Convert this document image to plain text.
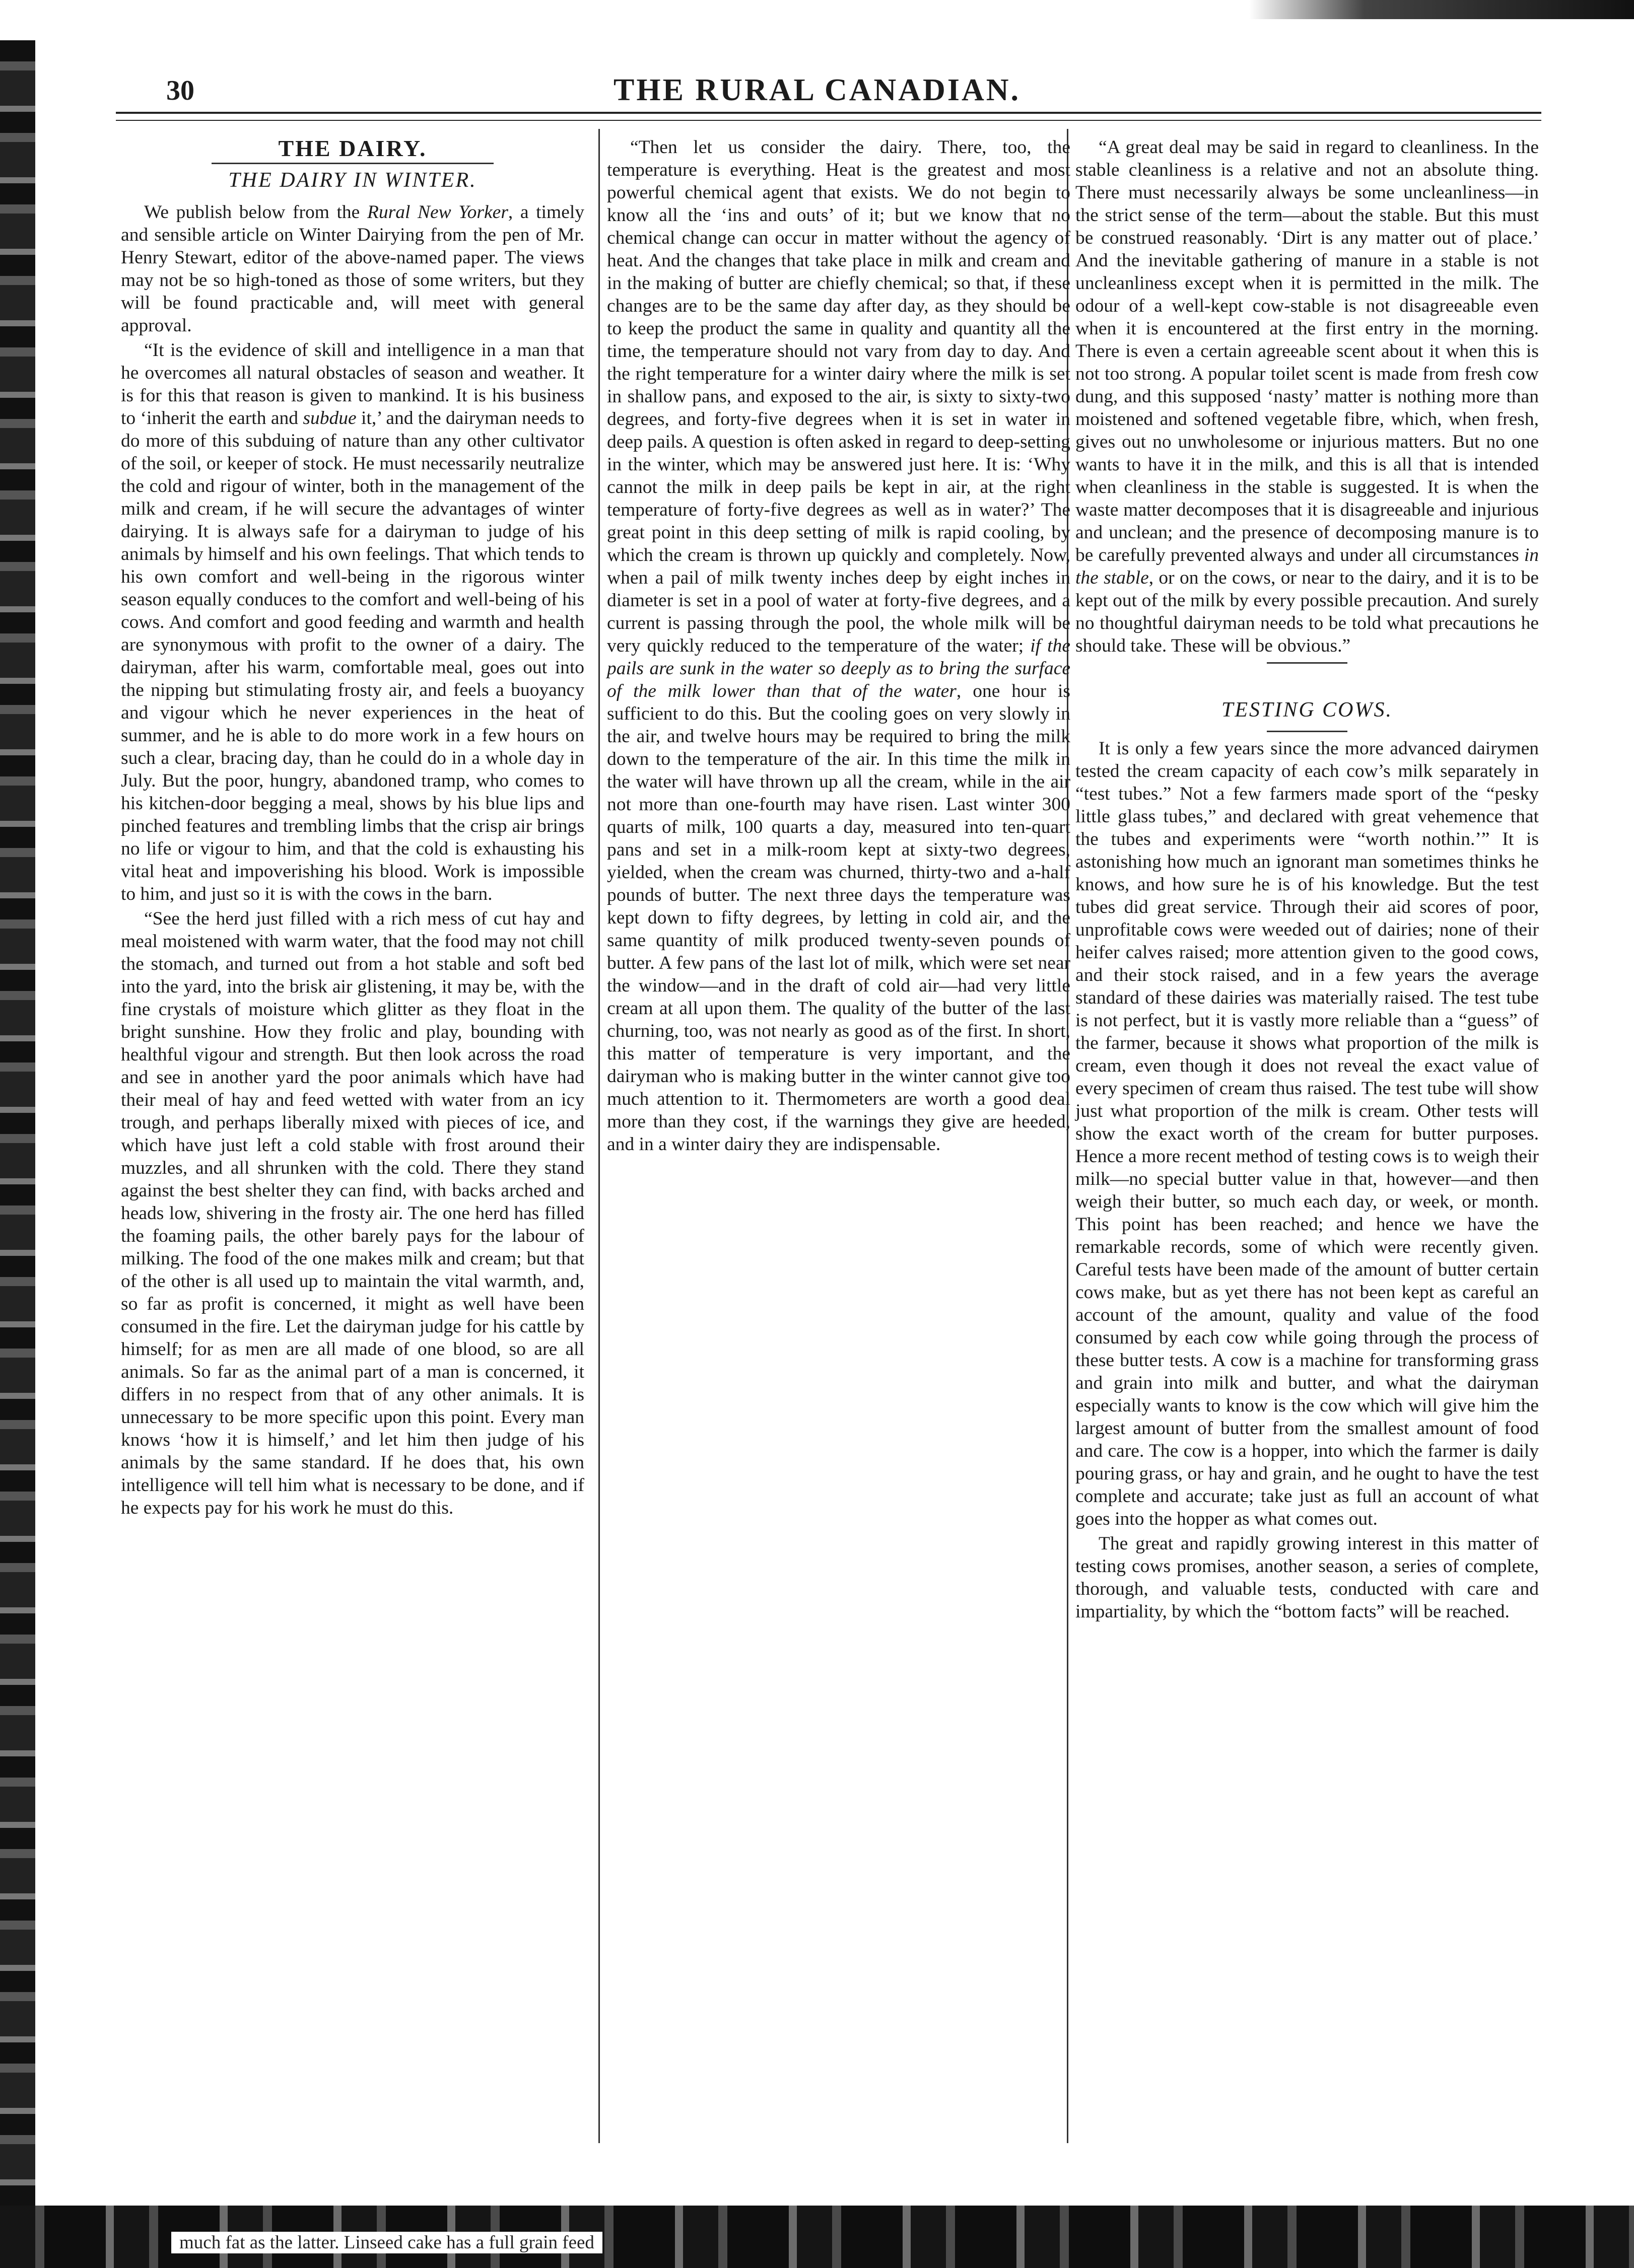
30	THE RURAL CANADIAN.
THE DAIRY.
THE DAIRY IN WINTER.

We publish below from the Rural New Yorker, a timely and sensible article on Winter Dairying from the pen of Mr. Henry Stewart, editor of the above-named paper. The views may not be so high-toned as those of some writers, but they will be found practicable and, will meet with general approval.

“It is the evidence of skill and intelligence in a man that he overcomes all natural obstacles of season and weather. It is for this that reason is given to mankind. It is his business to ‘inherit the earth and subdue it,’ and the dairyman needs to do more of this subduing of nature than any other cultivator of the soil, or keeper of stock. He must necessarily neutralize the cold and rigour of winter, both in the management of the milk and cream, if he will secure the advantages of winter dairying. It is always safe for a dairyman to judge of his animals by himself and his own feelings. That which tends to his own comfort and well-being in the rigorous winter season equally conduces to the comfort and well-being of his cows. And comfort and good feeding and warmth and health are synonymous with profit to the owner of a dairy. The dairyman, after his warm, comfortable meal, goes out into the nipping but stimulating frosty air, and feels a buoyancy and vigour which he never experiences in the heat of summer, and he is able to do more work in a few hours on such a clear, bracing day, than he could do in a whole day in July. But the poor, hungry, abandoned tramp, who comes to his kitchen-door begging a meal, shows by his blue lips and pinched features and trembling limbs that the crisp air brings no life or vigour to him, and that the cold is exhausting his vital heat and impoverishing his blood. Work is impossible to him, and just so it is with the cows in the barn.

“See the herd just filled with a rich mess of cut hay and meal moistened with warm water, that the food may not chill the stomach, and turned out from a hot stable and soft bed into the yard, into the brisk air glistening, it may be, with the fine crystals of moisture which glitter as they float in the bright sunshine. How they frolic and play, bounding with healthful vigour and strength. But then look across the road and see in another yard the poor animals which have had their meal of hay and feed wetted with water from an icy trough, and perhaps liberally mixed with pieces of ice, and which have just left a cold stable with frost around their muzzles, and all shrunken with the cold. There they stand against the best shelter they can find, with backs arched and heads low, shivering in the frosty air. The one herd has filled the foaming pails, the other barely pays for the labour of milking. The food of the one makes milk and cream; but that of the other is all used up to maintain the vital warmth, and, so far as profit is concerned, it might as well have been consumed in the fire. Let the dairyman judge for his cattle by himself; for as men are all made of one blood, so are all animals. So far as the animal part of a man is concerned, it differs in no respect from that of any other animals. It is unnecessary to be more specific upon this point. Every man knows ‘how it is himself,’ and let him then judge of his animals by the same standard. If he does that, his own intelligence will tell him what is necessary to be done, and if he expects pay for his work he must do this.

“Then let us consider the dairy. There, too, the temperature is everything. Heat is the greatest and most powerful chemical agent that exists. We do not begin to know all the ‘ins and outs’ of it; but we know that no chemical change can occur in matter without the agency of heat. And the changes that take place in milk and cream and in the making of butter are chiefly chemical; so that, if these changes are to be the same day after day, as they should be to keep the product the same in quality and quantity all the time, the temperature should not vary from day to day. And the right temperature for a winter dairy where the milk is set in shallow pans, and exposed to the air, is sixty to sixty-two degrees, and forty-five degrees when it is set in water in deep pails. A question is often asked in regard to deep-setting in the winter, which may be answered just here. It is: ‘Why cannot the milk in deep pails be kept in air, at the right temperature of forty-five degrees as well as in water?’ The great point in this deep setting of milk is rapid cooling, by which the cream is thrown up quickly and completely. Now, when a pail of milk twenty inches deep by eight inches in diameter is set in a pool of water at forty-five degrees, and a current is passing through the pool, the whole milk will be very quickly reduced to the temperature of the water; if the pails are sunk in the water so deeply as to bring the surface of the milk lower than that of the water, one hour is sufficient to do this. But the cooling goes on very slowly in the air, and twelve hours may be required to bring the milk down to the temperature of the air. In this time the milk in the water will have thrown up all the cream, while in the air not more than one-fourth may have risen. Last winter 300 quarts of milk, 100 quarts a day, measured into ten-quart pans and set in a milk-room kept at sixty-two degrees, yielded, when the cream was churned, thirty-two and a-half pounds of butter. The next three days the temperature was kept down to fifty degrees, by letting in cold air, and the same quantity of milk produced twenty-seven pounds of butter. A few pans of the last lot of milk, which were set near the window—and in the draft of cold air—had very little cream at all upon them. The quality of the butter of the last churning, too, was not nearly as good as of the first. In short, this matter of temperature is very important, and the dairyman who is making butter in the winter cannot give too much attention to it. Thermometers are worth a good deal more than they cost, if the warnings they give are heeded, and in a winter dairy they are indispensable.

“A great deal may be said in regard to cleanliness. In the stable cleanliness is a relative and not an absolute thing. There must necessarily always be some uncleanliness—in the strict sense of the term—about the stable. But this must be construed reasonably. ‘Dirt is any matter out of place.’ And the inevitable gathering of manure in a stable is not uncleanliness except when it is permitted in the milk. The odour of a well-kept cow-stable is not disagreeable even when it is encountered at the first entry in the morning. There is even a certain agreeable scent about it when this is not too strong. A popular toilet scent is made from fresh cow dung, and this supposed ‘nasty’ matter is nothing more than moistened and softened vegetable fibre, which, when fresh, gives out no unwholesome or injurious matters. But no one wants to have it in the milk, and this is all that is intended when cleanliness in the stable is suggested. It is when the waste matter decomposes that it is disagreeable and injurious and unclean; and the presence of decomposing manure is to be carefully prevented always and under all circumstances in the stable, or on the cows, or near to the dairy, and it is to be kept out of the milk by every possible precaution. And surely no thoughtful dairyman needs to be told what precautions he should take. These will be obvious.”

TESTING COWS.

It is only a few years since the more advanced dairymen tested the cream capacity of each cow’s milk separately in “test tubes.” Not a few farmers made sport of the “pesky little glass tubes,” and declared with great vehemence that the tubes and experiments were “worth nothin.’” It is astonishing how much an ignorant man sometimes thinks he knows, and how sure he is of his knowledge. But the test tubes did great service. Through their aid scores of poor, unprofitable cows were weeded out of dairies; none of their heifer calves raised; more attention given to the good cows, and their stock raised, and in a few years the average standard of these dairies was materially raised. The test tube is not perfect, but it is vastly more reliable than a “guess” of the farmer, because it shows what proportion of the milk is cream, even though it does not reveal the exact value of every specimen of cream thus raised. The test tube will show just what proportion of the milk is cream. Other tests will show the exact worth of the cream for butter purposes. Hence a more recent method of testing cows is to weigh their milk—no special butter value in that, however—and then weigh their butter, so much each day, or week, or month. This point has been reached; and hence we have the remarkable records, some of which were recently given. Careful tests have been made of the amount of butter certain cows make, but as yet there has not been kept as careful an account of the amount, quality and value of the food consumed by each cow while going through the process of these butter tests. A cow is a machine for transforming grass and grain into milk and butter, and what the dairyman especially wants to know is the cow which will give him the largest amount of butter from the smallest amount of food and care. The cow is a hopper, into which the farmer is daily pouring grass, or hay and grain, and he ought to have the test complete and accurate; take just as full an account of what goes into the hopper as what comes out.

The great and rapidly growing interest in this matter of testing cows promises, another season, a series of complete, thorough, and valuable tests, conducted with care and impartiality, by which the “bottom facts” will be reached.

much fat as the latter. Linseed cake has a full grain feed
